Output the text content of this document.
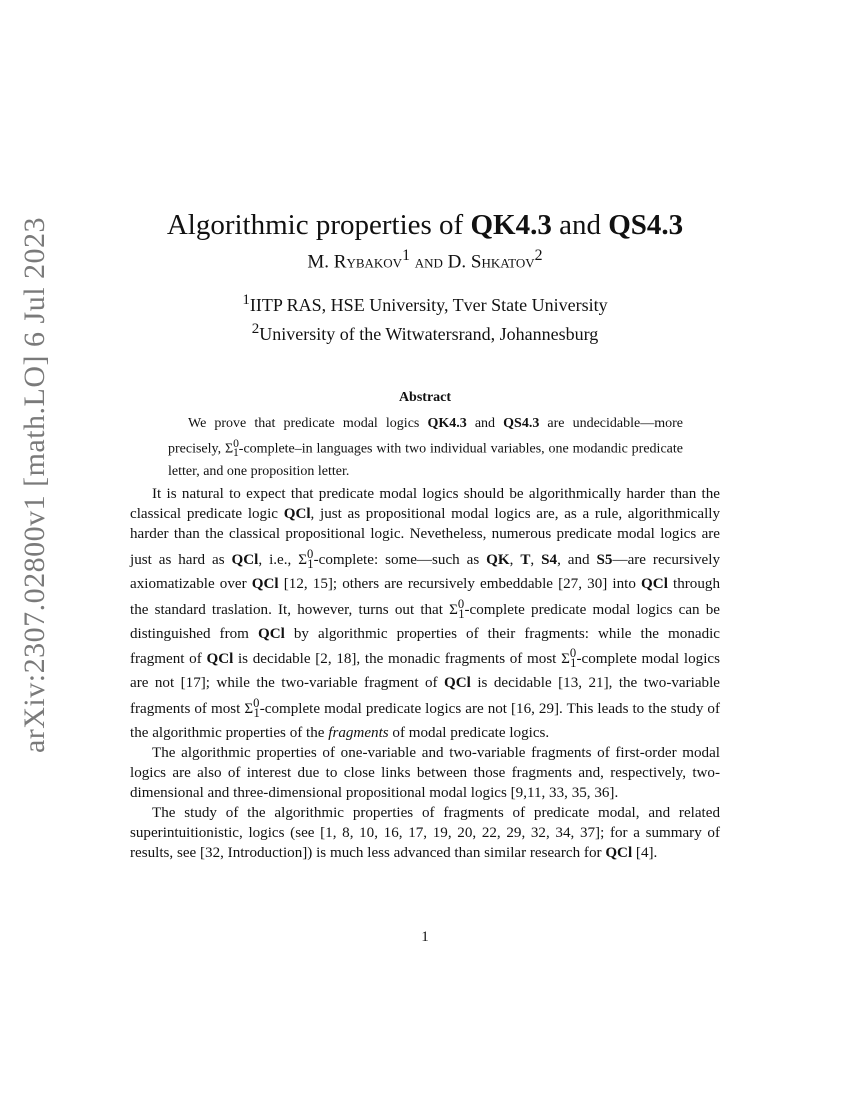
arXiv:2307.02800v1 [math.LO] 6 Jul 2023	Algorithmic properties of QK4.3 and QS4.3
M. Rybakov$^1$ and D. Shkatov$^2$
$^1$IITP RAS, HSE University, Tver State University
$^2$University of the Witwatersrand, Johannesburg
Abstract
We prove that predicate modal logics QK4.3 and QS4.3 are undecidable—more precisely, $\Sigma^0_1-complete-in$ languages with two individual variables, one modandic predicate letter, and one proposition letter.

It is natural to expect that predicate modal logics should be algorithmically harder than the classical predicate logic QCl, just as propositional modal logics are, as a rule, algorithmically harder than the classical propositional logic. Nevetheless, numerous predicate modal logics are just as hard as QCl, i.e., $\Sigma^0_1$-complete: some—such as QK, T, S4, and S5—are recursively axiomatizable over QCl [12, 15]; others are recursively embeddable [27, 30] into QCl through the standard traslation. It, however, turns out that $\Sigma^0_1$-complete predicate modal logics can be distinguished from QCl by algorithmic properties of their fragments: while the monadic fragment of QCl is decidable [2, 18], the monadic fragments of most $\Sigma^0_1$-complete modal logics are not [17]; while the two-variable fragment of QCl is decidable [13, 21], the two-variable fragments of most $\Sigma^0_1$-complete modal predicate logics are not [16, 29]. This leads to the study of the algorithmic properties of the fragments of modal predicate logics.

The algorithmic properties of one-variable and two-variable fragments of first-order modal logics are also of interest due to close links between those fragments and, respectively, two-dimensional and three-dimensional propositional modal logics [9,11, 33, 35, 36].

The study of the algorithmic properties of fragments of predicate modal, and related superintuitionistic, logics (see [1, 8, 10, 16, 17, 19, 20, 22, 29, 32, 34, 37]; for a summary of results, see [32, Introduction]) is much less advanced than similar research for QCl [4].

1
